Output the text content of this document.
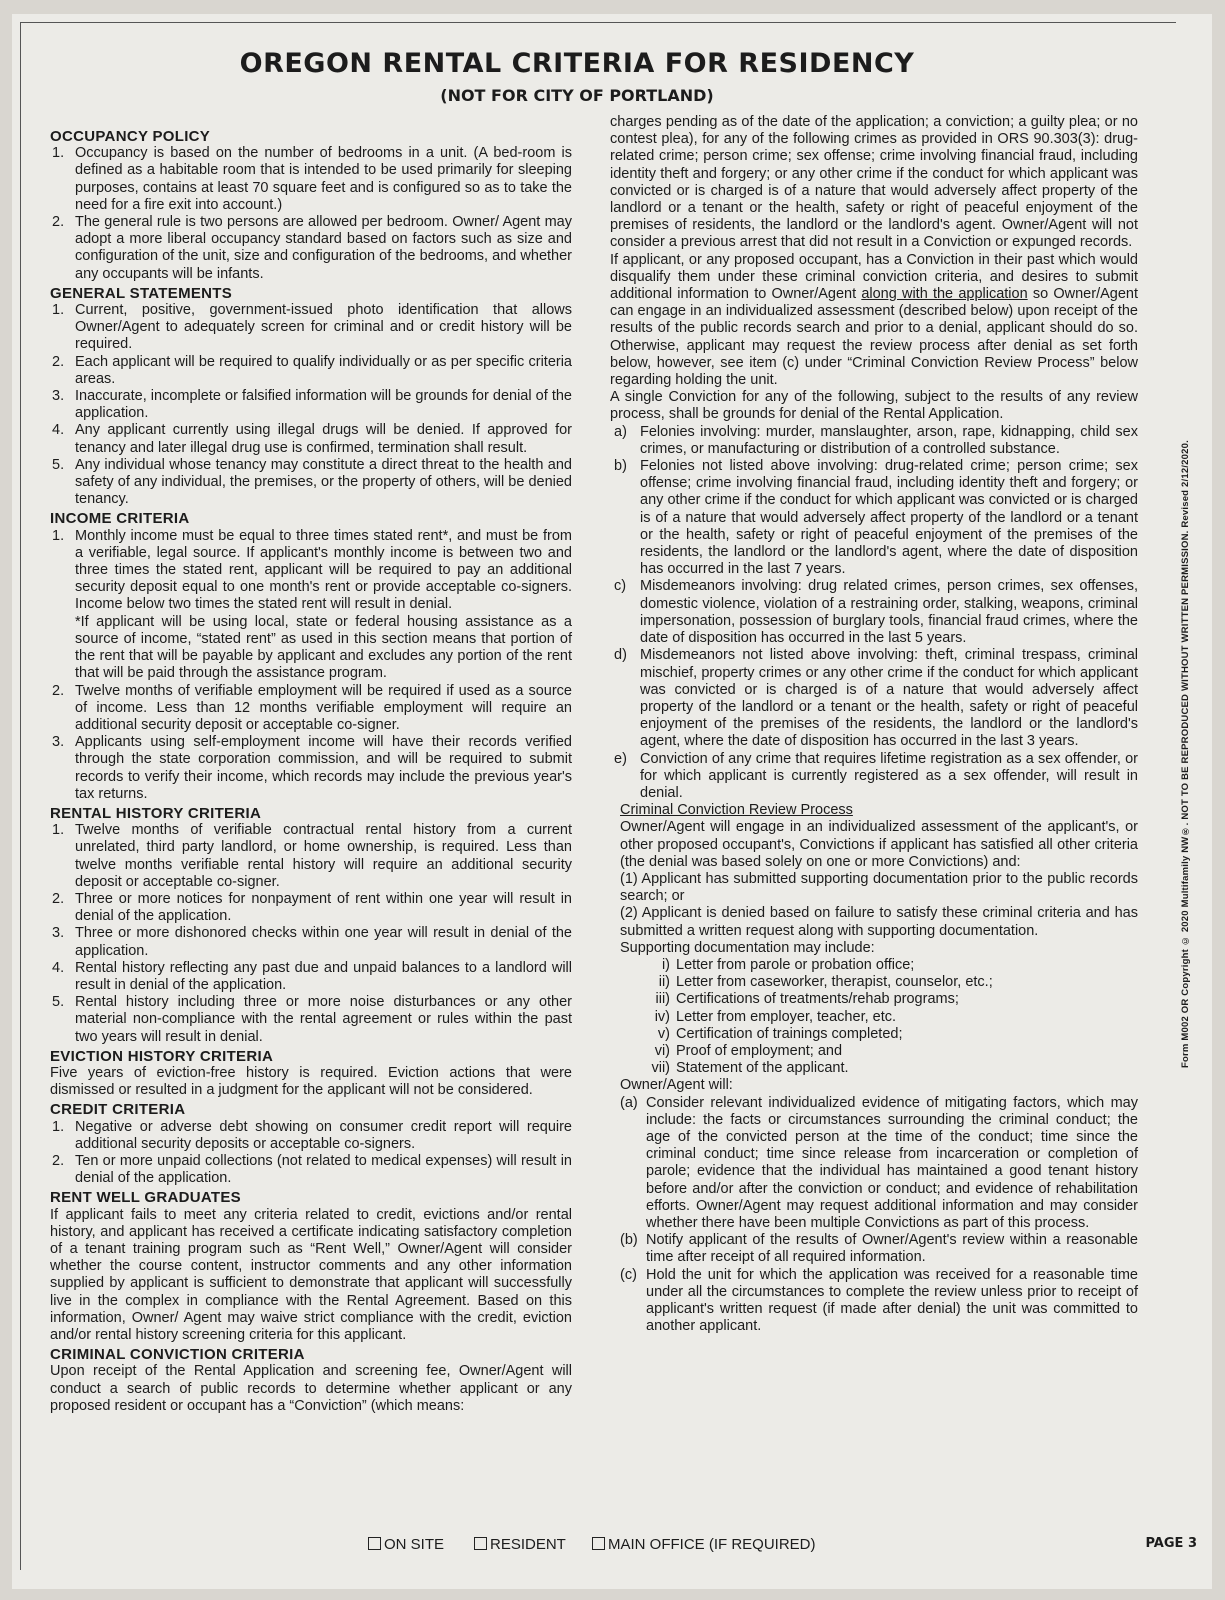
OREGON RENTAL CRITERIA FOR RESIDENCY
(NOT FOR CITY OF PORTLAND)
OCCUPANCY POLICY
1. Occupancy is based on the number of bedrooms in a unit. (A bed-room is defined as a habitable room that is intended to be used primarily for sleeping purposes, contains at least 70 square feet and is configured so as to take the need for a fire exit into account.)
2. The general rule is two persons are allowed per bedroom. Owner/ Agent may adopt a more liberal occupancy standard based on factors such as size and configuration of the unit, size and configuration of the bedrooms, and whether any occupants will be infants.
GENERAL STATEMENTS
1. Current, positive, government-issued photo identification that allows Owner/Agent to adequately screen for criminal and or credit history will be required.
2. Each applicant will be required to qualify individually or as per specific criteria areas.
3. Inaccurate, incomplete or falsified information will be grounds for denial of the application.
4. Any applicant currently using illegal drugs will be denied. If approved for tenancy and later illegal drug use is confirmed, termination shall result.
5. Any individual whose tenancy may constitute a direct threat to the health and safety of any individual, the premises, or the property of others, will be denied tenancy.
INCOME CRITERIA
1. Monthly income must be equal to three times stated rent*, and must be from a verifiable, legal source. If applicant's monthly income is between two and three times the stated rent, applicant will be required to pay an additional security deposit equal to one month's rent or provide acceptable co-signers. Income below two times the stated rent will result in denial.

*If applicant will be using local, state or federal housing assistance as a source of income, “stated rent” as used in this section means that portion of the rent that will be payable by applicant and excludes any portion of the rent that will be paid through the assistance program.

2. Twelve months of verifiable employment will be required if used as a source of income. Less than 12 months verifiable employment will require an additional security deposit or acceptable co-signer.
3. Applicants using self-employment income will have their records verified through the state corporation commission, and will be required to submit records to verify their income, which records may include the previous year's tax returns.
RENTAL HISTORY CRITERIA
1. Twelve months of verifiable contractual rental history from a current unrelated, third party landlord, or home ownership, is required. Less than twelve months verifiable rental history will require an additional security deposit or acceptable co-signer.
2. Three or more notices for nonpayment of rent within one year will result in denial of the application.
3. Three or more dishonored checks within one year will result in denial of the application.
4. Rental history reflecting any past due and unpaid balances to a landlord will result in denial of the application.
5. Rental history including three or more noise disturbances or any other material non-compliance with the rental agreement or rules within the past two years will result in denial.
EVICTION HISTORY CRITERIA

Five years of eviction-free history is required. Eviction actions that were dismissed or resulted in a judgment for the applicant will not be considered.

CREDIT CRITERIA
1. Negative or adverse debt showing on consumer credit report will require additional security deposits or acceptable co-signers.
2. Ten or more unpaid collections (not related to medical expenses) will result in denial of the application.
RENT WELL GRADUATES

If applicant fails to meet any criteria related to credit, evictions and/or rental history, and applicant has received a certificate indicating satisfactory completion of a tenant training program such as “Rent Well,” Owner/Agent will consider whether the course content, instructor comments and any other information supplied by applicant is sufficient to demonstrate that applicant will successfully live in the complex in compliance with the Rental Agreement. Based on this information, Owner/ Agent may waive strict compliance with the credit, eviction and/or rental history screening criteria for this applicant.

CRIMINAL CONVICTION CRITERIA

Upon receipt of the Rental Application and screening fee, Owner/Agent will conduct a search of public records to determine whether applicant or any proposed resident or occupant has a “Conviction” (which means:

charges pending as of the date of the application; a conviction; a guilty plea; or no contest plea), for any of the following crimes as provided in ORS 90.303(3): drug-related crime; person crime; sex offense; crime involving financial fraud, including identity theft and forgery; or any other crime if the conduct for which applicant was convicted or is charged is of a nature that would adversely affect property of the landlord or a tenant or the health, safety or right of peaceful enjoyment of the premises of residents, the landlord or the landlord's agent. Owner/Agent will not consider a previous arrest that did not result in a Conviction or expunged records.

If applicant, or any proposed occupant, has a Conviction in their past which would disqualify them under these criminal conviction criteria, and desires to submit additional information to Owner/Agent along with the application so Owner/Agent can engage in an individualized assessment (described below) upon receipt of the results of the public records search and prior to a denial, applicant should do so. Otherwise, applicant may request the review process after denial as set forth below, however, see item (c) under “Criminal Conviction Review Process” below regarding holding the unit.

A single Conviction for any of the following, subject to the results of any review process, shall be grounds for denial of the Rental Application.

a) Felonies involving: murder, manslaughter, arson, rape, kidnapping, child sex crimes, or manufacturing or distribution of a controlled substance.
b) Felonies not listed above involving: drug-related crime; person crime; sex offense; crime involving financial fraud, including identity theft and forgery; or any other crime if the conduct for which applicant was convicted or is charged is of a nature that would adversely affect property of the landlord or a tenant or the health, safety or right of peaceful enjoyment of the premises of the residents, the landlord or the landlord's agent, where the date of disposition has occurred in the last 7 years.
c) Misdemeanors involving: drug related crimes, person crimes, sex offenses, domestic violence, violation of a restraining order, stalking, weapons, criminal impersonation, possession of burglary tools, financial fraud crimes, where the date of disposition has occurred in the last 5 years.
d) Misdemeanors not listed above involving: theft, criminal trespass, criminal mischief, property crimes or any other crime if the conduct for which applicant was convicted or is charged is of a nature that would adversely affect property of the landlord or a tenant or the health, safety or right of peaceful enjoyment of the premises of the residents, the landlord or the landlord's agent, where the date of disposition has occurred in the last 3 years.
e) Conviction of any crime that requires lifetime registration as a sex offender, or for which applicant is currently registered as a sex offender, will result in denial.

Criminal Conviction Review Process

Owner/Agent will engage in an individualized assessment of the applicant's, or other proposed occupant's, Convictions if applicant has satisfied all other criteria (the denial was based solely on one or more Convictions) and:

(1) Applicant has submitted supporting documentation prior to the public records search; or

(2) Applicant is denied based on failure to satisfy these criminal criteria and has submitted a written request along with supporting documentation.

Supporting documentation may include:

i) Letter from parole or probation office;
ii) Letter from caseworker, therapist, counselor, etc.;
iii) Certifications of treatments/rehab programs;
iv) Letter from employer, teacher, etc.
v) Certification of trainings completed;
vi) Proof of employment; and
vii) Statement of the applicant.

Owner/Agent will:

(a) Consider relevant individualized evidence of mitigating factors, which may include: the facts or circumstances surrounding the criminal conduct; the age of the convicted person at the time of the conduct; time since the criminal conduct; time since release from incarceration or completion of parole; evidence that the individual has maintained a good tenant history before and/or after the conviction or conduct; and evidence of rehabilitation efforts. Owner/Agent may request additional information and may consider whether there have been multiple Convictions as part of this process.
(b) Notify applicant of the results of Owner/Agent's review within a reasonable time after receipt of all required information.
(c) Hold the unit for which the application was received for a reasonable time under all the circumstances to complete the review unless prior to receipt of applicant's written request (if made after denial) the unit was committed to another applicant.
Form M002 OR Copyright © 2020 Multifamily NW®. NOT TO BE REPRODUCED WITHOUT WRITTEN PERMISSION. Revised 2/12/2020.
ON SITE	RESIDENT	MAIN OFFICE (IF REQUIRED)	PAGE 3
